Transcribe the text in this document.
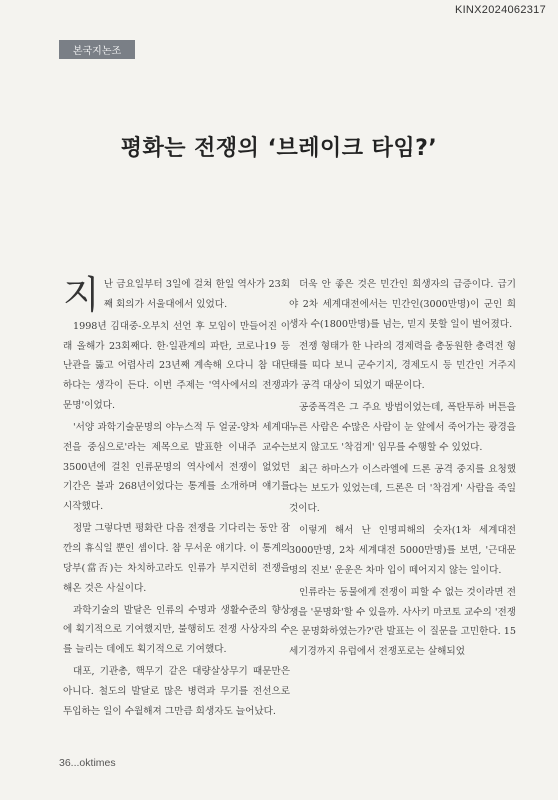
KINX2024062317
본국지논조
평화는 전쟁의 ‘브레이크 타임?’

지난 금요일부터 3일에 걸쳐 한일 역사가 23회째 회의가 서울대에서 있었다.

1998년 김대중-오부치 선언 후 모임이 만들어진 이래 올해가 23회째다. 한·일관계의 파탄, 코로나19 등 난관을 뚫고 어렵사리 23년째 계속해 오다니 참 대단하다는 생각이 든다. 이번 주제는 '역사에서의 전쟁과 문명'이었다.

'서양 과학기술문명의 야누스적 두 얼굴-양차 세계대전을 중심으로'라는 제목으로 발표한 이내주 교수는 3500년에 걸친 인류문명의 역사에서 전쟁이 없었던 기간은 불과 268년이었다는 통계를 소개하며 얘기를 시작했다.

정말 그렇다면 평화란 다음 전쟁을 기다리는 동안 잠깐의 휴식일 뿐인 셈이다. 참 무서운 얘기다. 이 통계의 당부(當否)는 차치하고라도 인류가 부지런히 전쟁을 해온 것은 사실이다.

과학기술의 발달은 인류의 수명과 생활수준의 향상에 획기적으로 기여했지만, 불행히도 전쟁 사상자의 수를 늘리는 데에도 획기적으로 기여했다.

대포, 기관총, 핵무기 같은 대량살상무기 때문만은 아니다. 철도의 발달로 많은 병력과 무기를 전선으로 투입하는 일이 수월해져 그만큼 희생자도 늘어났다.

더욱 안 좋은 것은 민간인 희생자의 급증이다. 급기야 2차 세계대전에서는 민간인(3000만명)이 군인 희생자 수(1800만명)를 넘는, 믿지 못할 일이 벌어졌다.

전쟁 형태가 한 나라의 경제력을 총동원한 총력전 형태를 띠다 보니 군수기지, 경제도시 등 민간인 거주지가 공격 대상이 되었기 때문이다.

공중폭격은 그 주요 방법이었는데, 폭탄투하 버튼을 누른 사람은 수많은 사람이 눈 앞에서 죽어가는 광경을 보지 않고도 '착검게' 임무를 수행할 수 있었다.

최근 하마스가 이스라엘에 드론 공격 중지를 요청했다는 보도가 있었는데, 드론은 더 '착검게' 사람을 죽일 것이다.

이렇게 해서 난 인명피해의 숫자(1차 세계대전 3000만명, 2차 세계대전 5000만명)를 보면, '근대문명의 진보' 운운은 차마 입이 떼어지지 않는 일이다.

인류라는 동물에게 전쟁이 피할 수 없는 것이라면 전쟁을 '문명화'할 수 있을까. 사사키 마코토 교수의 '전쟁은 문명화하였는가?'란 발표는 이 질문을 고민한다. 15세기경까지 유럽에서 전쟁포로는 살해되었

36...oktimes
